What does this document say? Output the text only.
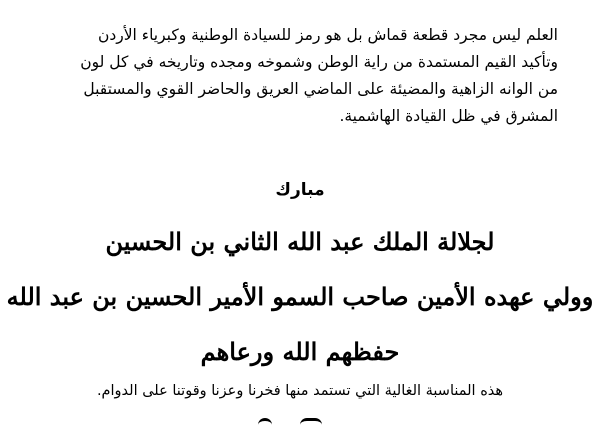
العلم ليس مجرد قطعة قماش بل هو رمز للسيادة الوطنية وكبرياء الأردن
وتأكيد القيم المستمدة من راية الوطن وشموخه ومجده وتاريخه في كل لون
من الوانه الزاهية والمضيئة على الماضي العريق والحاضر القوي والمستقبل
المشرق في ظل القيادة الهاشمية.
مبارك
لجلالة الملك عبد الله الثاني بن الحسين
وولي عهده الأمين صاحب السمو الأمير الحسين بن عبد الله
حفظهم الله ورعاهم
هذه المناسبة الغالية التي تستمد منها فخرنا وعزنا وقوتنا على الدوام.
